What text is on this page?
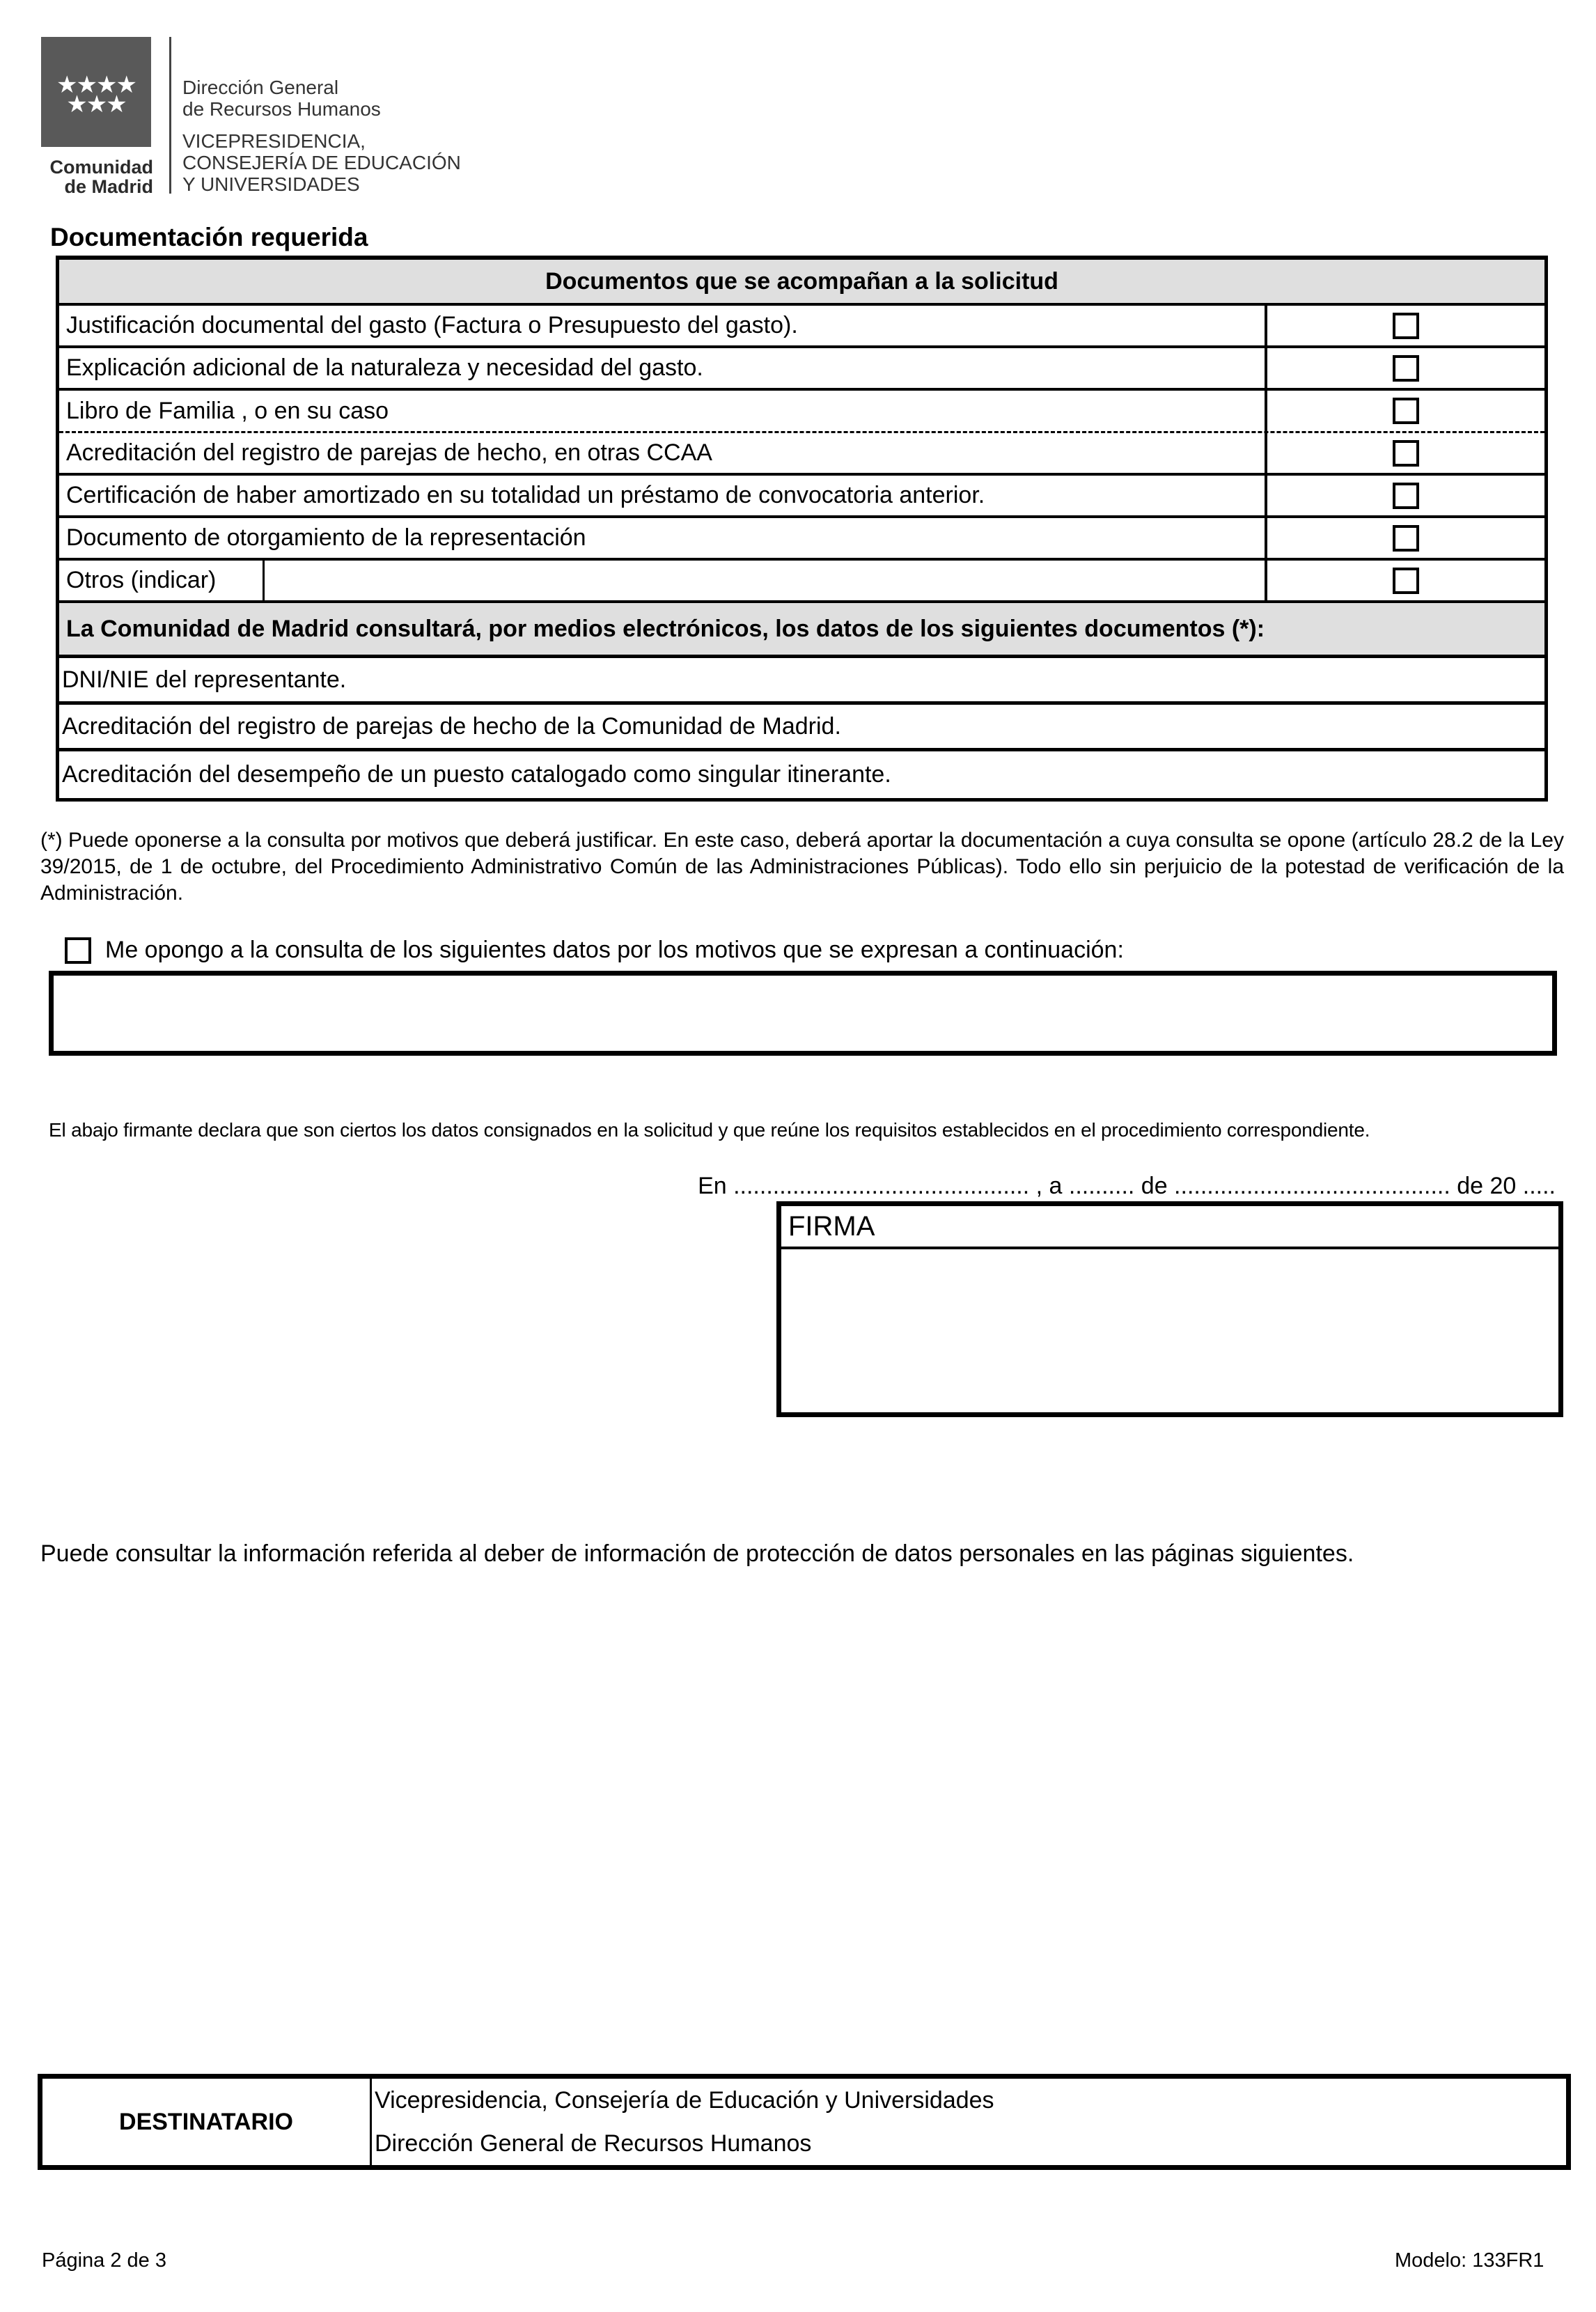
★★★★
★★★
Comunidad
de Madrid
Dirección General
de Recursos Humanos
VICEPRESIDENCIA,
CONSEJERÍA DE EDUCACIÓN
Y UNIVERSIDADES
Documentación requerida
Documentos que se acompañan a la solicitud
Justificación documental del gasto (Factura o Presupuesto del gasto).
Explicación adicional de la naturaleza y necesidad del gasto.
Libro de Familia , o en su caso
Acreditación del registro de parejas de hecho, en otras CCAA
Certificación de haber amortizado en su totalidad un préstamo de convocatoria anterior.
Documento de otorgamiento de la representación
Otros (indicar)
La Comunidad de Madrid consultará, por medios electrónicos, los datos de los siguientes documentos (*):
DNI/NIE del representante.
Acreditación del registro de parejas de hecho de la Comunidad de Madrid.
Acreditación del desempeño de un puesto catalogado como singular itinerante.
(*) Puede oponerse a la consulta por motivos que deberá justificar. En este caso, deberá aportar la documentación a cuya consulta se opone (artículo 28.2 de la Ley 39/2015, de 1 de octubre, del Procedimiento Administrativo Común de las Administraciones Públicas). Todo ello sin perjuicio de la potestad de verificación de la Administración.
Me opongo a la consulta de los siguientes datos por los motivos que se expresan a continuación:
El abajo firmante declara que son ciertos los datos consignados en la solicitud y que reúne los requisitos establecidos en el procedimiento correspondiente.
En ............................................. , a .......... de .......................................... de 20 .....
FIRMA
Puede consultar la información referida al deber de información de protección de datos personales en las páginas siguientes.
DESTINATARIO
Vicepresidencia, Consejería de Educación y Universidades
Dirección General de Recursos Humanos
Página 2 de 3	Modelo: 133FR1
